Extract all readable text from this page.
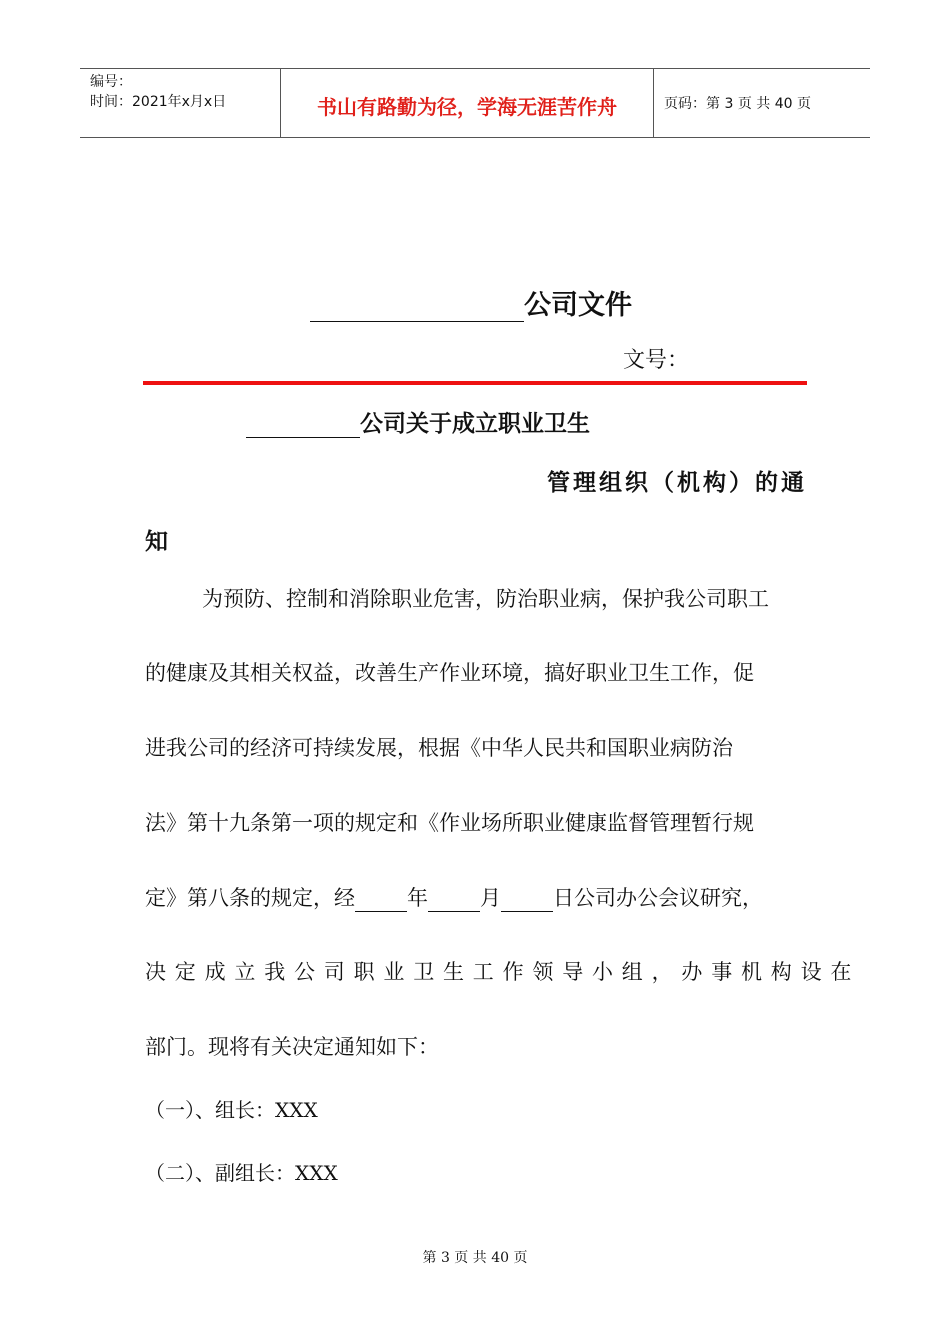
编号：
时间：2021年x月x日	书山有路勤为径，学海无涯苦作舟	页码：第 3 页 共 40 页
公司文件
文号：
公司关于成立职业卫生
管理组织（机构）的通
知
为预防、控制和消除职业危害，防治职业病，保护我公司职工
的健康及其相关权益，改善生产作业环境，搞好职业卫生工作，促
进我公司的经济可持续发展，根据《中华人民共和国职业病防治
法》第十九条第一项的规定和《作业场所职业健康监督管理暂行规
定》第八条的规定，经 年 月 日公司办公会议研究，
决定成立我公司职业卫生工作领导小组，办事机构设在
部门。现将有关决定通知如下：
（一）、组长：XXX
（二）、副组长：XXX
第 3 页 共 40 页
